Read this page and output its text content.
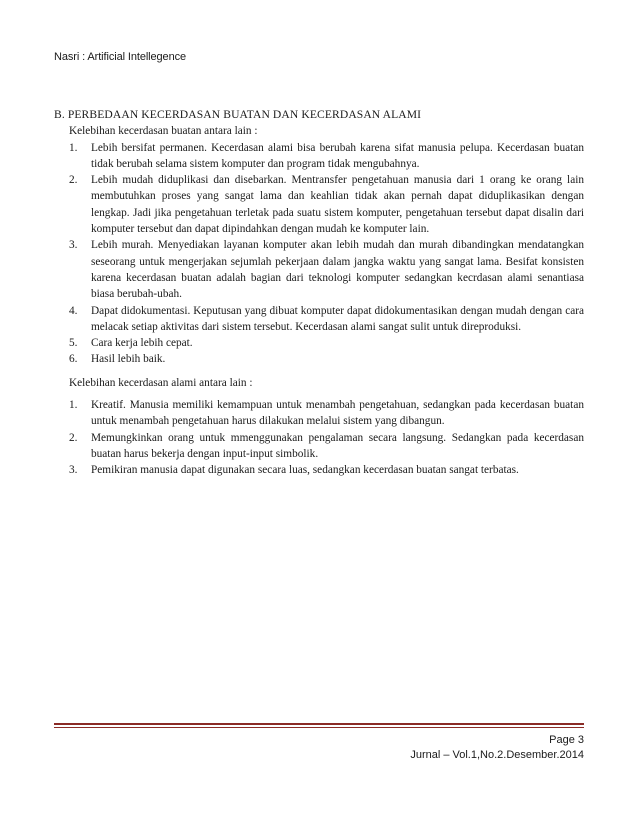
Nasri : Artificial Intellegence
B. PERBEDAAN KECERDASAN BUATAN DAN KECERDASAN ALAMI

Kelebihan kecerdasan buatan antara lain :

1. Lebih bersifat permanen. Kecerdasan alami bisa berubah karena sifat manusia pelupa. Kecerdasan buatan tidak berubah selama sistem komputer dan program tidak mengubahnya.
2. Lebih mudah diduplikasi dan disebarkan. Mentransfer pengetahuan manusia dari 1 orang ke orang lain membutuhkan proses yang sangat lama dan keahlian tidak akan pernah dapat diduplikasikan dengan lengkap. Jadi jika pengetahuan terletak pada suatu sistem komputer, pengetahuan tersebut dapat disalin dari komputer tersebut dan dapat dipindahkan dengan mudah ke komputer lain.
3. Lebih murah. Menyediakan layanan komputer akan lebih mudah dan murah dibandingkan mendatangkan seseorang untuk mengerjakan sejumlah pekerjaan dalam jangka waktu yang sangat lama. Besifat konsisten karena kecerdasan buatan adalah bagian dari teknologi komputer sedangkan kecrdasan alami senantiasa biasa berubah-ubah.
4. Dapat didokumentasi. Keputusan yang dibuat komputer dapat didokumentasikan dengan mudah dengan cara melacak setiap aktivitas dari sistem tersebut. Kecerdasan alami sangat sulit untuk direproduksi.
5. Cara kerja lebih cepat.
6. Hasil lebih baik.

Kelebihan kecerdasan alami antara lain :

1. Kreatif. Manusia memiliki kemampuan untuk menambah pengetahuan, sedangkan pada kecerdasan buatan untuk menambah pengetahuan harus dilakukan melalui sistem yang dibangun.
2. Memungkinkan orang untuk mmenggunakan pengalaman secara langsung. Sedangkan pada kecerdasan buatan harus bekerja dengan input-input simbolik.
3. Pemikiran manusia dapat digunakan secara luas, sedangkan kecerdasan buatan sangat terbatas.
Page 3
Jurnal – Vol.1,No.2.Desember.2014
